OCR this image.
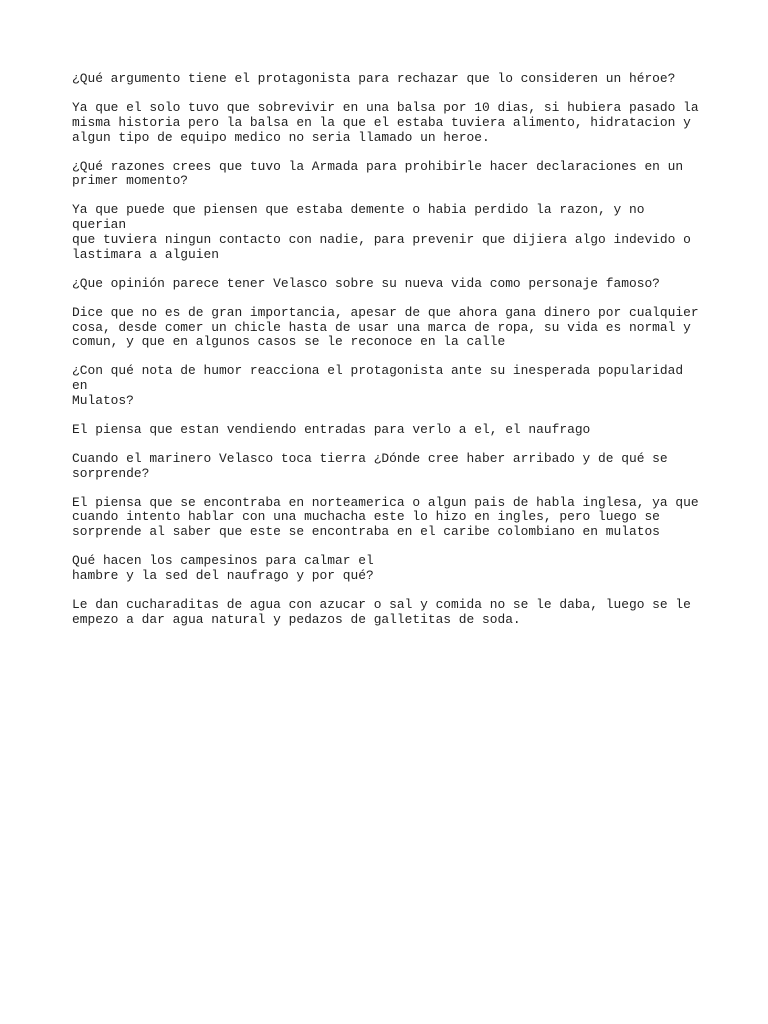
¿Qué argumento tiene el protagonista para rechazar que lo consideren un héroe?

Ya que el solo tuvo que sobrevivir en una balsa por 10 dias, si hubiera pasado la
misma historia pero la balsa en la que el estaba tuviera alimento, hidratacion y
algun tipo de equipo medico no seria llamado un heroe.

¿Qué razones crees que tuvo la Armada para prohibirle hacer declaraciones en un
primer momento?

Ya que puede que piensen que estaba demente o habia perdido la razon, y no querian
que tuviera ningun contacto con nadie, para prevenir que dijiera algo indevido o
lastimara a alguien

¿Que opinión parece tener Velasco sobre su nueva vida como personaje famoso?

Dice que no es de gran importancia, apesar de que ahora gana dinero por cualquier
cosa, desde comer un chicle hasta de usar una marca de ropa, su vida es normal y
comun, y que en algunos casos se le reconoce en la calle

¿Con qué nota de humor reacciona el protagonista ante su inesperada popularidad en
Mulatos?

El piensa que estan vendiendo entradas para verlo a el, el naufrago

Cuando el marinero Velasco toca tierra ¿Dónde cree haber arribado y de qué se
sorprende?

El piensa que se encontraba en norteamerica o algun pais de habla inglesa, ya que
cuando intento hablar con una muchacha este lo hizo en ingles, pero luego se
sorprende al saber que este se encontraba en el caribe colombiano en mulatos

Qué hacen los campesinos para calmar el
hambre y la sed del naufrago y por qué?

Le dan cucharaditas de agua con azucar o sal y comida no se le daba, luego se le
empezo a dar agua natural y pedazos de galletitas de soda.
